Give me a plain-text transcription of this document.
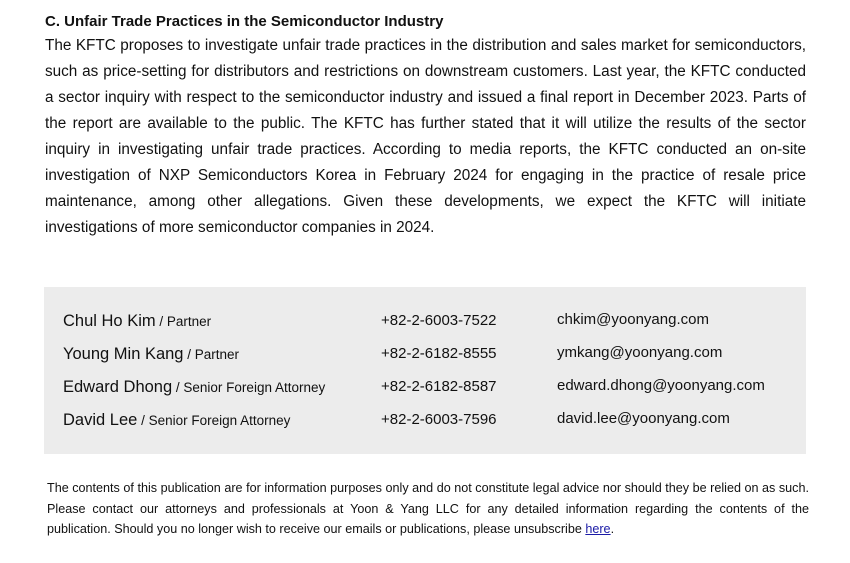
C. Unfair Trade Practices in the Semiconductor Industry

The KFTC proposes to investigate unfair trade practices in the distribution and sales market for semiconductors, such as price-setting for distributors and restrictions on downstream customers. Last year, the KFTC conducted a sector inquiry with respect to the semiconductor industry and issued a final report in December 2023. Parts of the report are available to the public. The KFTC has further stated that it will utilize the results of the sector inquiry in investigating unfair trade practices. According to media reports, the KFTC conducted an on-site investigation of NXP Semiconductors Korea in February 2024 for engaging in the practice of resale price maintenance, among other allegations. Given these developments, we expect the KFTC will initiate investigations of more semiconductor companies in 2024.

Chul Ho Kim / Partner	+82-2-6003-7522	chkim@yoonyang.com
Young Min Kang / Partner	+82-2-6182-8555	ymkang@yoonyang.com
Edward Dhong / Senior Foreign Attorney	+82-2-6182-8587	edward.dhong@yoonyang.com
David Lee / Senior Foreign Attorney	+82-2-6003-7596	david.lee@yoonyang.com

The contents of this publication are for information purposes only and do not constitute legal advice nor should they be relied on as such. Please contact our attorneys and professionals at Yoon & Yang LLC for any detailed information regarding the contents of the publication. Should you no longer wish to receive our emails or publications, please unsubscribe here.
